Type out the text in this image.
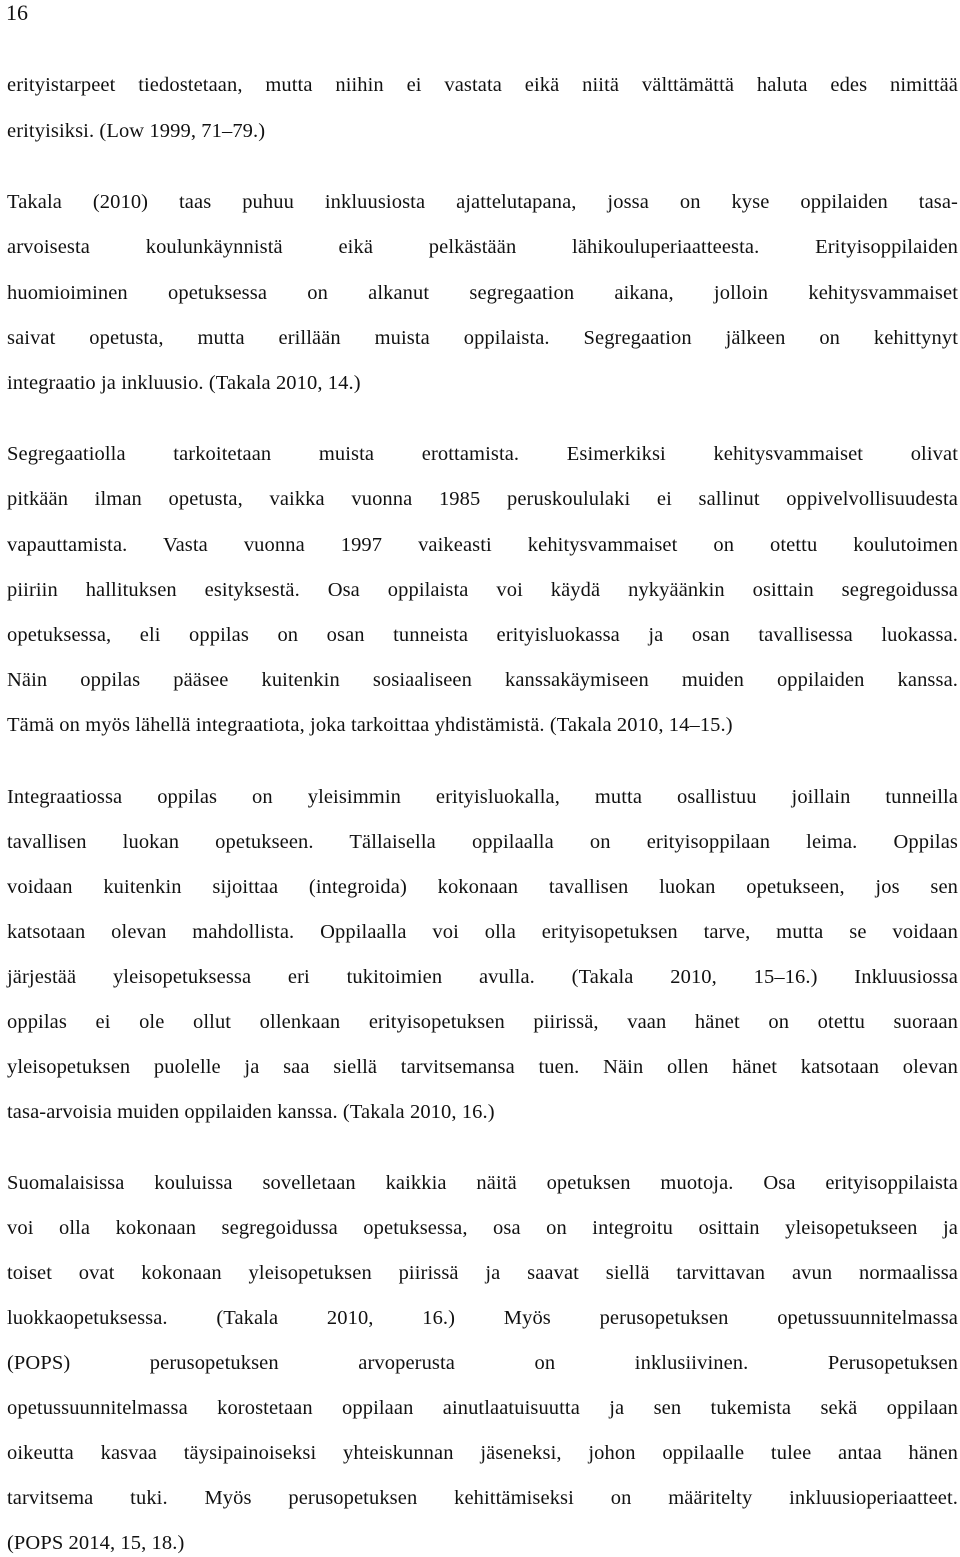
16
erityistarpeet tiedostetaan, mutta niihin ei vastata eikä niitä välttämättä haluta edes nimittää
erityisiksi. (Low 1999, 71–79.)
Takala (2010) taas puhuu inkluusiosta ajattelutapana, jossa on kyse oppilaiden tasa-
arvoisesta koulunkäynnistä eikä pelkästään lähikouluperiaatteesta. Erityisoppilaiden
huomioiminen opetuksessa on alkanut segregaation aikana, jolloin kehitysvammaiset
saivat opetusta, mutta erillään muista oppilaista. Segregaation jälkeen on kehittynyt
integraatio ja inkluusio. (Takala 2010, 14.)
Segregaatiolla tarkoitetaan muista erottamista. Esimerkiksi kehitysvammaiset olivat
pitkään ilman opetusta, vaikka vuonna 1985 peruskoululaki ei sallinut oppivelvollisuudesta
vapauttamista. Vasta vuonna 1997 vaikeasti kehitysvammaiset on otettu koulutoimen
piiriin hallituksen esityksestä. Osa oppilaista voi käydä nykyäänkin osittain segregoidussa
opetuksessa, eli oppilas on osan tunneista erityisluokassa ja osan tavallisessa luokassa.
Näin oppilas pääsee kuitenkin sosiaaliseen kanssakäymiseen muiden oppilaiden kanssa.
Tämä on myös lähellä integraatiota, joka tarkoittaa yhdistämistä. (Takala 2010, 14–15.)
Integraatiossa oppilas on yleisimmin erityisluokalla, mutta osallistuu joillain tunneilla
tavallisen luokan opetukseen. Tällaisella oppilaalla on erityisoppilaan leima. Oppilas
voidaan kuitenkin sijoittaa (integroida) kokonaan tavallisen luokan opetukseen, jos sen
katsotaan olevan mahdollista. Oppilaalla voi olla erityisopetuksen tarve, mutta se voidaan
järjestää yleisopetuksessa eri tukitoimien avulla. (Takala 2010, 15–16.) Inkluusiossa
oppilas ei ole ollut ollenkaan erityisopetuksen piirissä, vaan hänet on otettu suoraan
yleisopetuksen puolelle ja saa siellä tarvitsemansa tuen. Näin ollen hänet katsotaan olevan
tasa-arvoisia muiden oppilaiden kanssa. (Takala 2010, 16.)
Suomalaisissa kouluissa sovelletaan kaikkia näitä opetuksen muotoja. Osa erityisoppilaista
voi olla kokonaan segregoidussa opetuksessa, osa on integroitu osittain yleisopetukseen ja
toiset ovat kokonaan yleisopetuksen piirissä ja saavat siellä tarvittavan avun normaalissa
luokkaopetuksessa. (Takala 2010, 16.) Myös perusopetuksen opetussuunnitelmassa
(POPS) perusopetuksen arvoperusta on inklusiivinen. Perusopetuksen
opetussuunnitelmassa korostetaan oppilaan ainutlaatuisuutta ja sen tukemista sekä oppilaan
oikeutta kasvaa täysipainoiseksi yhteiskunnan jäseneksi, johon oppilaalle tulee antaa hänen
tarvitsema tuki. Myös perusopetuksen kehittämiseksi on määritelty inkluusioperiaatteet.
(POPS 2014, 15, 18.)
